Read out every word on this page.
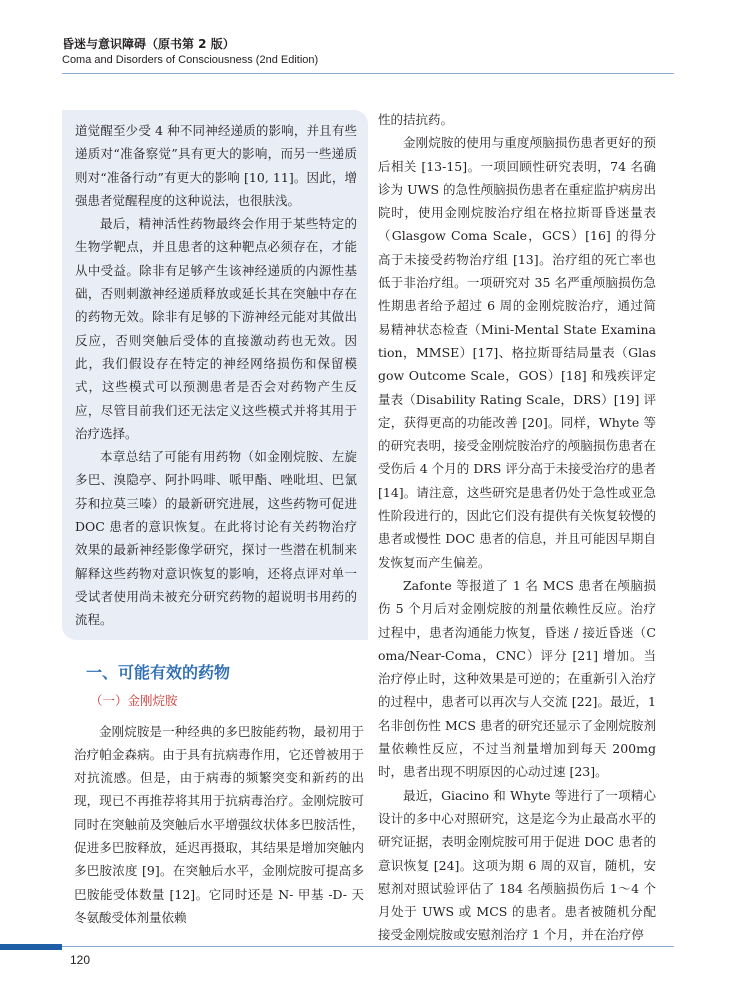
昏迷与意识障碍（原书第 2 版）
Coma and Disorders of Consciousness (2nd Edition)

道觉醒至少受 4 种不同神经递质的影响，并且有些递质对“准备察觉”具有更大的影响，而另一些递质则对“准备行动”有更大的影响 [10, 11]。因此，增强患者觉醒程度的这种说法，也很肤浅。

最后，精神活性药物最终会作用于某些特定的生物学靶点，并且患者的这种靶点必须存在，才能从中受益。除非有足够产生该神经递质的内源性基础，否则刺激神经递质释放或延长其在突触中存在的药物无效。除非有足够的下游神经元能对其做出反应，否则突触后受体的直接激动药也无效。因此，我们假设存在特定的神经网络损伤和保留模式，这些模式可以预测患者是否会对药物产生反应，尽管目前我们还无法定义这些模式并将其用于治疗选择。

本章总结了可能有用药物（如金刚烷胺、左旋多巴、溴隐亭、阿扑吗啡、哌甲酯、唑吡坦、巴氯芬和拉莫三嗪）的最新研究进展，这些药物可促进 DOC 患者的意识恢复。在此将讨论有关药物治疗效果的最新神经影像学研究，探讨一些潜在机制来解释这些药物对意识恢复的影响，还将点评对单一受试者使用尚未被充分研究药物的超说明书用药的流程。

一、可能有效的药物
（一）金刚烷胺

金刚烷胺是一种经典的多巴胺能药物，最初用于治疗帕金森病。由于具有抗病毒作用，它还曾被用于对抗流感。但是，由于病毒的频繁突变和新药的出现，现已不再推荐将其用于抗病毒治疗。金刚烷胺可同时在突触前及突触后水平增强纹状体多巴胺活性，促进多巴胺释放，延迟再摄取，其结果是增加突触内多巴胺浓度 [9]。在突触后水平，金刚烷胺可提高多巴胺能受体数量 [12]。它同时还是 N- 甲基 -D- 天冬氨酸受体剂量依赖

性的拮抗药。

金刚烷胺的使用与重度颅脑损伤患者更好的预后相关 [13-15]。一项回顾性研究表明，74 名确诊为 UWS 的急性颅脑损伤患者在重症监护病房出院时，使用金刚烷胺治疗组在格拉斯哥昏迷量表（Glasgow Coma Scale，GCS）[16] 的得分高于未接受药物治疗组 [13]。治疗组的死亡率也低于非治疗组。一项研究对 35 名严重颅脑损伤急性期患者给予超过 6 周的金刚烷胺治疗，通过简易精神状态检查（Mini-Mental State Examination，MMSE）[17]、格拉斯哥结局量表（Glasgow Outcome Scale，GOS）[18] 和残疾评定量表（Disability Rating Scale，DRS）[19] 评定，获得更高的功能改善 [20]。同样，Whyte 等的研究表明，接受金刚烷胺治疗的颅脑损伤患者在受伤后 4 个月的 DRS 评分高于未接受治疗的患者 [14]。请注意，这些研究是患者仍处于急性或亚急性阶段进行的，因此它们没有提供有关恢复较慢的患者或慢性 DOC 患者的信息，并且可能因早期自发恢复而产生偏差。

Zafonte 等报道了 1 名 MCS 患者在颅脑损伤 5 个月后对金刚烷胺的剂量依赖性反应。治疗过程中，患者沟通能力恢复，昏迷 / 接近昏迷（Coma/Near-Coma，CNC）评分 [21] 增加。当治疗停止时，这种效果是可逆的；在重新引入治疗的过程中，患者可以再次与人交流 [22]。最近，1 名非创伤性 MCS 患者的研究还显示了金刚烷胺剂量依赖性反应，不过当剂量增加到每天 200mg 时，患者出现不明原因的心动过速 [23]。

最近，Giacino 和 Whyte 等进行了一项精心设计的多中心对照研究，这是迄今为止最高水平的研究证据，表明金刚烷胺可用于促进 DOC 患者的意识恢复 [24]。这项为期 6 周的双盲，随机，安慰剂对照试验评估了 184 名颅脑损伤后 1～4 个月处于 UWS 或 MCS 的患者。患者被随机分配接受金刚烷胺或安慰剂治疗 1 个月，并在治疗停

120
